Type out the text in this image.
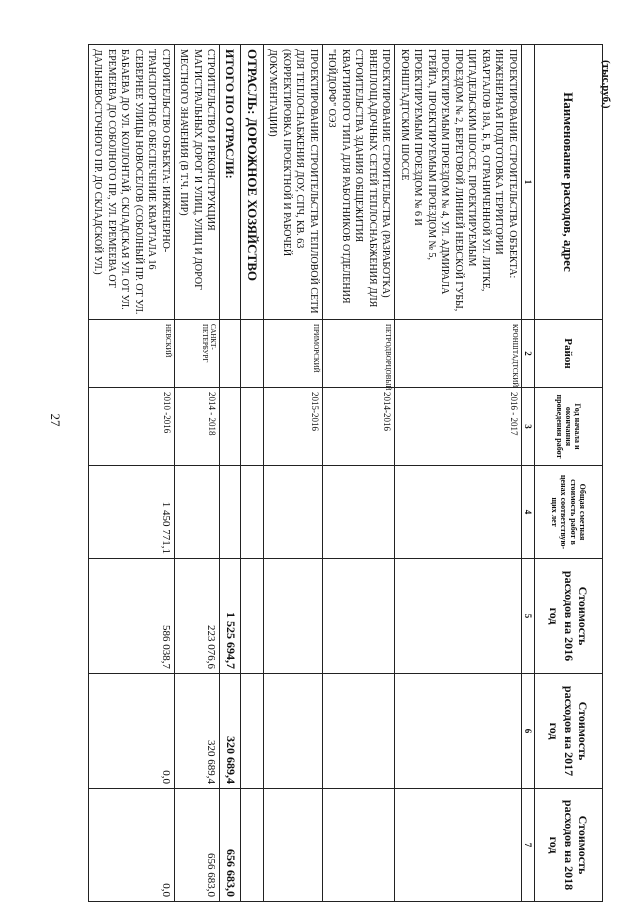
27
(тыс.руб.)
Наименование расходов, адрес	Район	Год начала и окончания проведения работ	Общая сметная стоимость работ в ценах соответствую-щих лет	Стоимость расходов на 2016 год	Стоимость расходов на 2017 год	Стоимость расходов на 2018 год
1	2	3	4	5	6	7
ПРОЕКТИРОВАНИЕ СТРОИТЕЛЬСТВА ОБЪЕКТА: ИНЖЕНЕРНАЯ ПОДГОТОВКА ТЕРРИТОРИИ КВАРТАЛОВ 18А, Б, В, ОГРАНИЧЕННОЙ УЛ. ЛИТКЕ, ЦИТАДЕЛЬСКИМ ШОССЕ, ПРОЕКТИРУЕМЫМ ПРОЕЗДОМ № 2, БЕРЕГОВОЙ ЛИНИЕЙ НЕВСКОЙ ГУБЫ, ПРОЕКТИРУЕМЫМ ПРОЕЗДОМ № 4, УЛ. АДМИРАЛА ГРЕЙГА, ПРОЕКТИРУЕМЫМ ПРОЕЗДОМ № 5, ПРОЕКТИРУЕМЫМ ПРОЕЗДОМ № 6 И КРОНШТАДТСКИМ ШОССЕ	КРОНШТАДТСКИЙ	2016 - 2017				
ПРОЕКТИРОВАНИЕ СТРОИТЕЛЬСТВА (РАЗРАБОТКА) ВНЕПЛОЩАДОЧНЫХ СЕТЕЙ ТЕПЛОСНАБЖЕНИЯ ДЛЯ СТРОИТЕЛЬСТВА ЗДАНИЯ ОБЩЕЖИТИЯ КВАРТИРНОГО ТИПА ДЛЯ РАБОТНИКОВ ОТДЕЛЕНИЯ "НОЙДОРФ" ОЭЗ	ПЕТРОДВОРЦОВЫЙ	2014-2016				
ПРОЕКТИРОВАНИЕ СТРОИТЕЛЬСТВА ТЕПЛОВОЙ СЕТИ ДЛЯ ТЕПЛОСНАБЖЕНИЯ ДОУ, СПЧ, КВ. 63 (КОРРЕКТИРОВКА ПРОЕКТНОЙ И РАБОЧЕЙ ДОКУМЕНТАЦИИ)	ПРИМОРСКИЙ	2015-2016				
ОТРАСЛЬ: ДОРОЖНОЕ ХОЗЯЙСТВО						
ИТОГО ПО ОТРАСЛИ:				1 525 694,7	320 689,4	656 683,0
СТРОИТЕЛЬСТВО И РЕКОНСТРУКЦИЯ МАГИСТРАЛЬНЫХ ДОРОГ И УЛИЦ, УЛИЦ И ДОРОГ МЕСТНОГО ЗНАЧЕНИЯ (В Т.Ч. ПИР)	САНКТ-ПЕТЕРБУРГ	2014 - 2018		223 076,6	320 689,4	656 683,0
СТРОИТЕЛЬСТВО ОБЪЕКТА: ИНЖЕНЕРНО-ТРАНСПОРТНОЕ ОБЕСПЕЧЕНИЕ КВАРТАЛА 16 СЕВЕРНЕЕ УЛИЦЫ НОВОСЕЛОВ (СОБОЛНЫЙ ПР. ОТ УЛ. БАБАЕВА ДО УЛ. КОЛЛОНТАЙ, СКЛАДСКАЯ УЛ. ОТ УЛ. ЕРЕМЕЕВА ДО СОБОЛНОГО ПР., УЛ. ЕРЕМЕЕВА ОТ ДАЛЬНЕВОСТОЧНОГО ПР. ДО СКЛАДСКОЙ УЛ.)	НЕВСКИЙ	2010 -2016	1 450 771,1	586 038,7	0,0	0,0
